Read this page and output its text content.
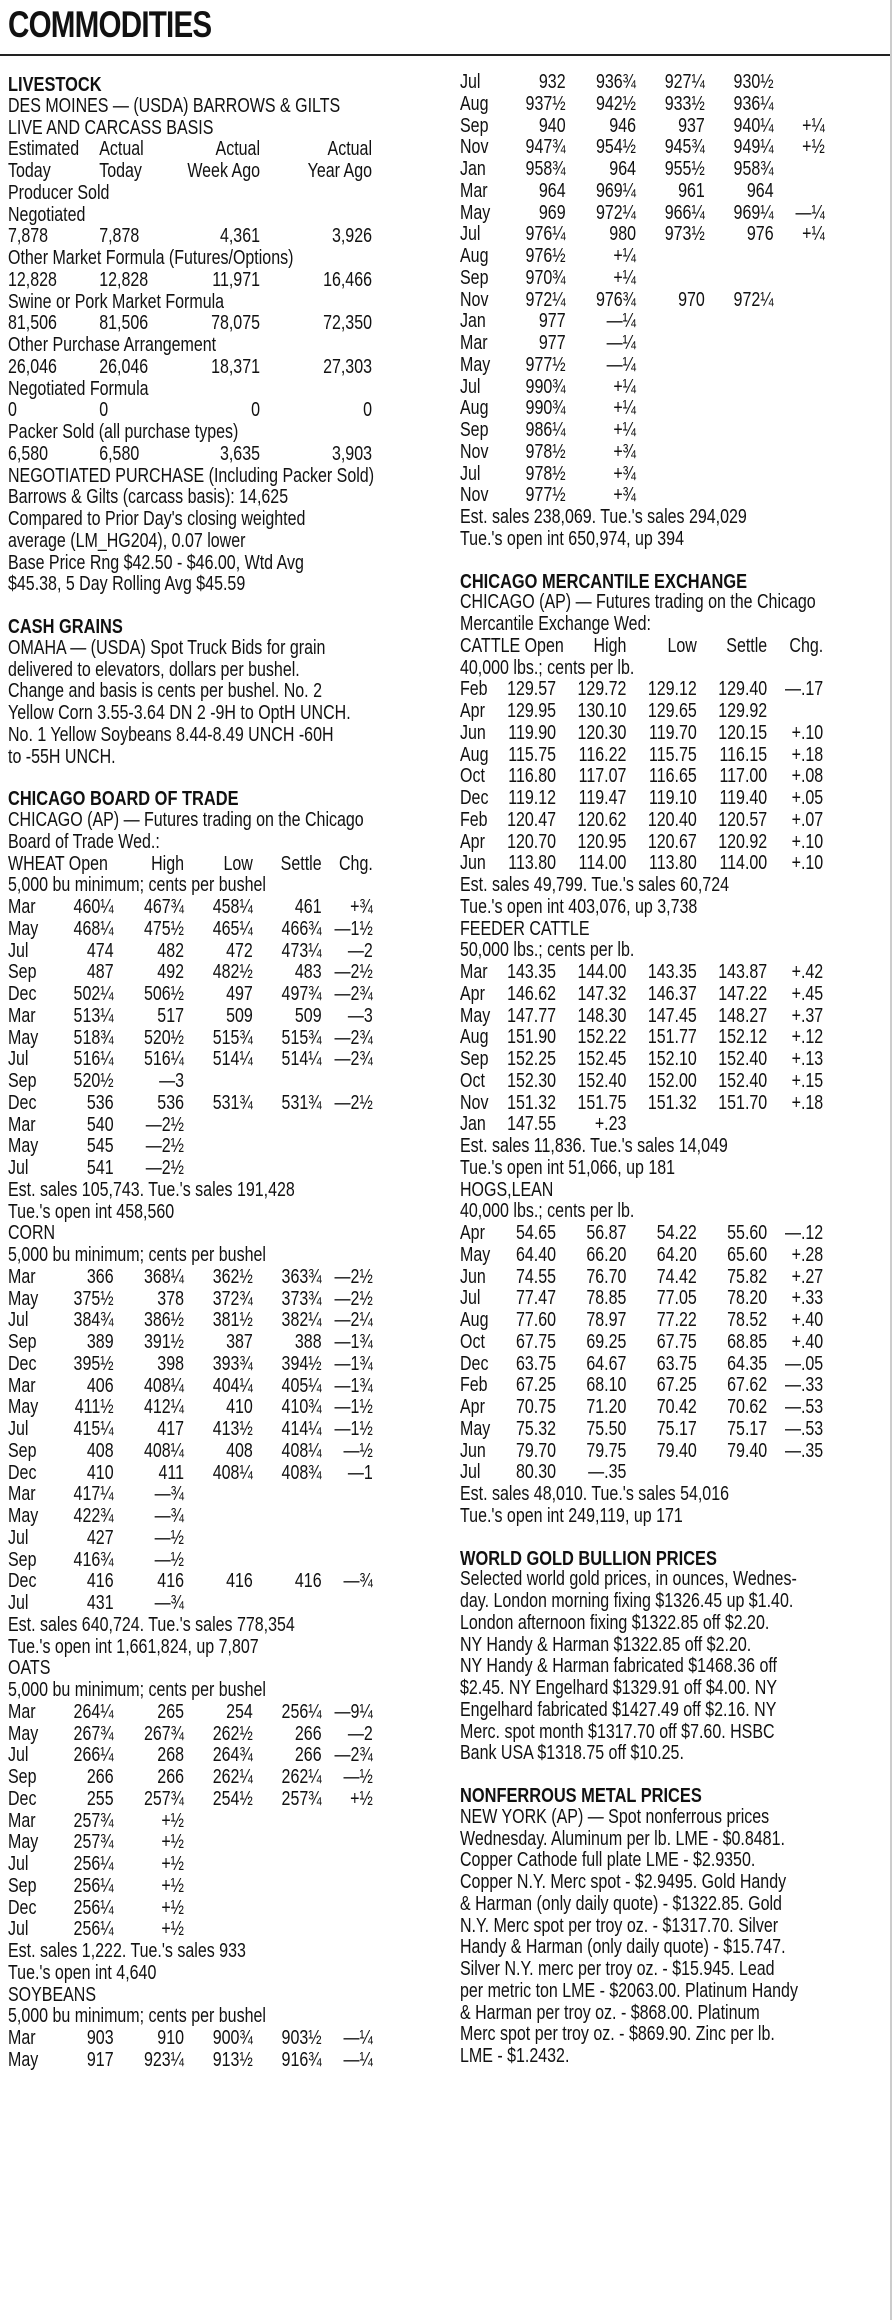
COMMODITIES
LIVESTOCK
DES MOINES — (USDA) BARROWS & GILTS
LIVE AND CARCASS BASIS
Estimated	Actual	Actual	Actual
Today	Today	Week Ago	Year Ago
Producer Sold
Negotiated
7,878	7,878	4,361	3,926
Other Market Formula (Futures/Options)
12,828	12,828	11,971	16,466
Swine or Pork Market Formula
81,506	81,506	78,075	72,350
Other Purchase Arrangement
26,046	26,046	18,371	27,303
Negotiated Formula
0	0	0	0
Packer Sold (all purchase types)
6,580	6,580	3,635	3,903
NEGOTIATED PURCHASE (Including Packer Sold)
Barrows & Gilts (carcass basis): 14,625
Compared to Prior Day's closing weighted
average (LM_HG204), 0.07 lower
Base Price Rng $42.50 - $46.00, Wtd Avg
$45.38, 5 Day Rolling Avg $45.59
CASH GRAINS
OMAHA — (USDA) Spot Truck Bids for grain
delivered to elevators, dollars per bushel.
Change and basis is cents per bushel. No. 2
Yellow Corn 3.55-3.64 DN 2 -9H to OptH UNCH.
No. 1 Yellow Soybeans 8.44-8.49 UNCH -60H
to -55H UNCH.
CHICAGO BOARD OF TRADE
CHICAGO (AP) — Futures trading on the Chicago
Board of Trade Wed.:
WHEAT Open	High	Low	Settle Chg.
5,000 bu minimum; cents per bushel
Mar	460¼	467¾	458¼	461	+¾
May	468¼	475½	465¼	466¾ —1½
Jul	474	482	472	473¼	—2
Sep	487	492	482½	483 —2½
Dec	502¼	506½	497	497¾ —2¾
Mar	513¼	517	509	509	—3
May	518¾	520½	515¾	515¾ —2¾
Jul	516¼	516¼	514¼	514¼ —2¾
Sep	520½	—3
Dec	536	536	531¾	531¾ —2½
Mar	540	—2½
May	545	—2½
Jul	541	—2½
Est. sales 105,743. Tue.'s sales 191,428
Tue.'s open int 458,560
CORN
5,000 bu minimum; cents per bushel
Mar	366	368¼	362½	363¾ —2½
May	375½	378	372¾	373¾ —2½
Jul	384¾	386½	381½	382¼ —2¼
Sep	389	391½	387	388 —1¾
Dec	395½	398	393¾	394½ —1¾
Mar	406	408¼	404¼	405¼ —1¾
May	411½	412¼	410	410¾ —1½
Jul	415¼	417	413½	414¼ —1½
Sep	408	408¼	408	408¼	—½
Dec	410	411	408¼	408¾	—1
Mar	417¼	—¾
May	422¾	—¾
Jul	427	—½
Sep	416¾	—½
Dec	416	416	416	416	—¾
Jul	431	—¾
Est. sales 640,724. Tue.'s sales 778,354
Tue.'s open int 1,661,824, up 7,807
OATS
5,000 bu minimum; cents per bushel
Mar	264¼	265	254	256¼ —9¼
May	267¾	267¾	262½	266	—2
Jul	266¼	268	264¾	266 —2¾
Sep	266	266	262¼	262¼	—½
Dec	255	257¾	254½	257¾	+½
Mar	257¾	+½
May	257¾	+½
Jul	256¼	+½
Sep	256¼	+½
Dec	256¼	+½
Jul	256¼	+½
Est. sales 1,222. Tue.'s sales 933
Tue.'s open int 4,640
SOYBEANS
5,000 bu minimum; cents per bushel
Mar	903	910	900¾	903½	—¼
May	917	923¼	913½	916¾	—¼
Jul	932	936¾	927¼	930½
Aug	937½	942½	933½	936¼
Sep	940	946	937	940¼	+¼
Nov	947¾	954½	945¾	949¼	+½
Jan	958¾	964	955½	958¾
Mar	964	969¼	961	964
May	969	972¼	966¼	969¼	—¼
Jul	976¼	980	973½	976	+¼
Aug	976½	+¼
Sep	970¾	+¼
Nov	972¼	976¾	970	972¼
Jan	977	—¼
Mar	977	—¼
May	977½	—¼
Jul	990¾	+¼
Aug	990¾	+¼
Sep	986¼	+¼
Nov	978½	+¾
Jul	978½	+¾
Nov	977½	+¾
Est. sales 238,069. Tue.'s sales 294,029
Tue.'s open int 650,974, up 394
CHICAGO MERCANTILE EXCHANGE
CHICAGO (AP) — Futures trading on the Chicago
Mercantile Exchange Wed:
CATTLE Open	High	Low	Settle	Chg.
40,000 lbs.; cents per lb.
Feb 129.57	129.72	129.12	129.40 —.17
Apr	129.95	130.10	129.65	129.92
Jun	119.90	120.30	119.70	120.15	+.10
Aug 115.75	116.22	115.75	116.15	+.18
Oct	116.80	117.07	116.65	117.00	+.08
Dec 119.12	119.47	119.10	119.40	+.05
Feb 120.47	120.62	120.40	120.57	+.07
Apr	120.70	120.95	120.67	120.92	+.10
Jun	113.80	114.00	113.80	114.00	+.10
Est. sales 49,799. Tue.'s sales 60,724
Tue.'s open int 403,076, up 3,738
FEEDER CATTLE
50,000 lbs.; cents per lb.
Mar 143.35	144.00	143.35	143.87	+.42
Apr	146.62	147.32	146.37	147.22	+.45
May 147.77	148.30	147.45	148.27	+.37
Aug 151.90	152.22	151.77	152.12	+.12
Sep 152.25	152.45	152.10	152.40	+.13
Oct	152.30	152.40	152.00	152.40	+.15
Nov 151.32	151.75	151.32	151.70	+.18
Jan	147.55	+.23
Est. sales 11,836. Tue.'s sales 14,049
Tue.'s open int 51,066, up 181
HOGS,LEAN
40,000 lbs.; cents per lb.
Apr	54.65	56.87	54.22	55.60 —.12
May	64.40	66.20	64.20	65.60	+.28
Jun	74.55	76.70	74.42	75.82	+.27
Jul	77.47	78.85	77.05	78.20	+.33
Aug	77.60	78.97	77.22	78.52	+.40
Oct	67.75	69.25	67.75	68.85	+.40
Dec	63.75	64.67	63.75	64.35 —.05
Feb	67.25	68.10	67.25	67.62 —.33
Apr	70.75	71.20	70.42	70.62 —.53
May	75.32	75.50	75.17	75.17 —.53
Jun	79.70	79.75	79.40	79.40 —.35
Jul	80.30	—.35
Est. sales 48,010. Tue.'s sales 54,016
Tue.'s open int 249,119, up 171
WORLD GOLD BULLION PRICES
Selected world gold prices, in ounces, Wednes-
day. London morning fixing $1326.45 up $1.40.
London afternoon fixing $1322.85 off $2.20.
NY Handy & Harman $1322.85 off $2.20.
NY Handy & Harman fabricated $1468.36 off
$2.45. NY Engelhard $1329.91 off $4.00. NY
Engelhard fabricated $1427.49 off $2.16. NY
Merc. spot month $1317.70 off $7.60. HSBC
Bank USA $1318.75 off $10.25.
NONFERROUS METAL PRICES
NEW YORK (AP) — Spot nonferrous prices
Wednesday. Aluminum per lb. LME - $0.8481.
Copper Cathode full plate LME - $2.9350.
Copper N.Y. Merc spot - $2.9495. Gold Handy
& Harman (only daily quote) - $1322.85. Gold
N.Y. Merc spot per troy oz. - $1317.70. Silver
Handy & Harman (only daily quote) - $15.747.
Silver N.Y. merc per troy oz. - $15.945. Lead
per metric ton LME - $2063.00. Platinum Handy
& Harman per troy oz. - $868.00. Platinum
Merc spot per troy oz. - $869.90. Zinc per lb.
LME - $1.2432.
